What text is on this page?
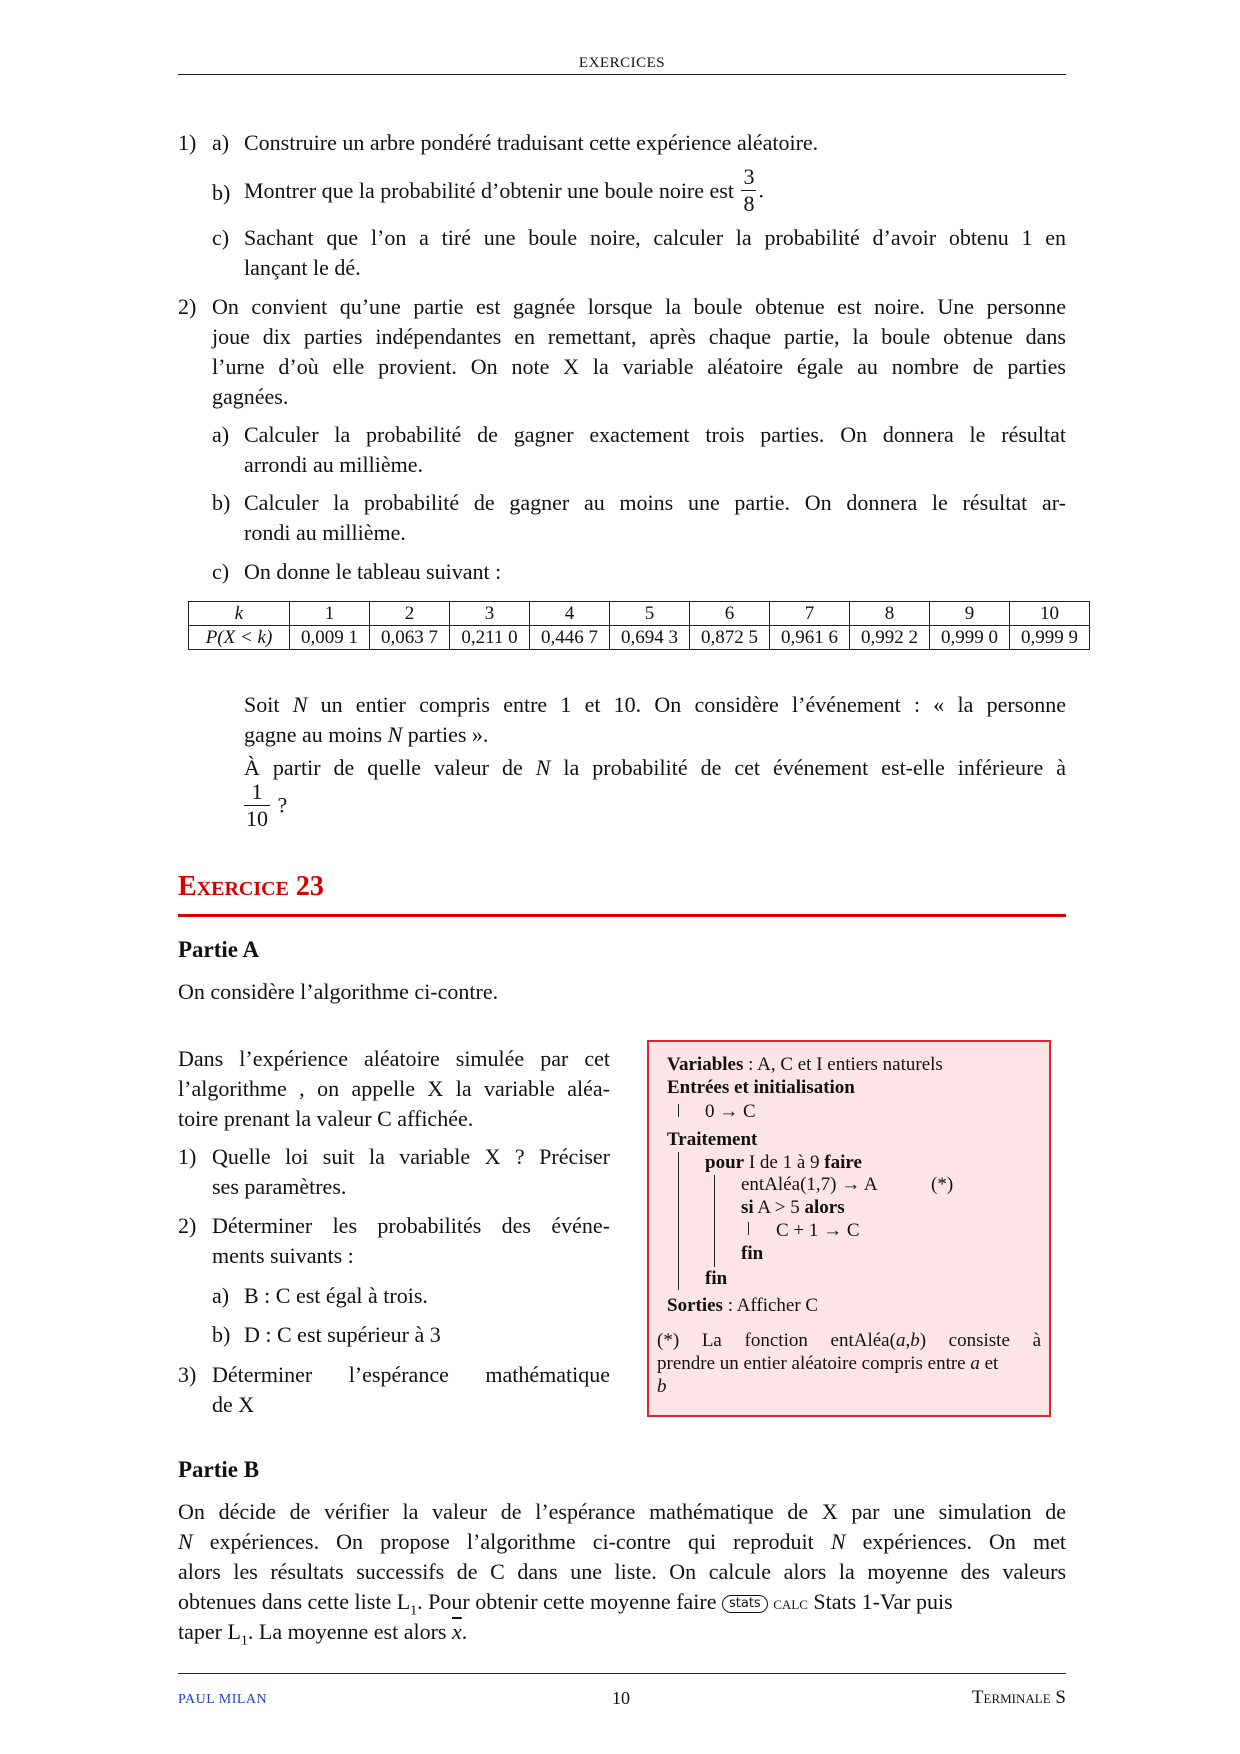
EXERCICES
1) a) Construire un arbre pondéré traduisant cette expérience aléatoire.
b) Montrer que la probabilité d’obtenir une boule noire est $\frac{3}{8}$ .
c) Sachant que l’on a tiré une boule noire, calculer la probabilité d’avoir obtenu 1 en
lançant le dé.
2) On convient qu’une partie est gagnée lorsque la boule obtenue est noire. Une personne
joue dix parties indépendantes en remettant, après chaque partie, la boule obtenue dans
l’urne d’où elle provient. On note X la variable aléatoire égale au nombre de parties
gagnées.
a) Calculer la probabilité de gagner exactement trois parties. On donnera le résultat
arrondi au millième.
b) Calculer la probabilité de gagner au moins une partie. On donnera le résultat ar-
rondi au millième.
c) On donne le tableau suivant :
k	1	2	3	4	5	6	7	8	9	10
P(X < k)	0,009 1	0,063 7	0,211 0	0,446 7	0,694 3	0,872 5	0,961 6	0,992 2	0,999 0	0,999 9
Soit N un entier compris entre 1 et 10. On considère l’événement : « la personne
gagne au moins N parties ».
À partir de quelle valeur de N la probabilité de cet événement est-elle inférieure à
$\frac{1}{10}$ ?
Exercice 23
Partie A
On considère l’algorithme ci-contre.
Dans l’expérience aléatoire simulée par cet
l’algorithme , on appelle X la variable aléa-
toire prenant la valeur C affichée.
1) Quelle loi suit la variable X ? Préciser
ses paramètres.
2) Déterminer les probabilités des événe-
ments suivants :
a) B : C est égal à trois.
b) D : C est supérieur à 3
3) Déterminer l’espérance mathématique
de X
Variables : A, C et I entiers naturels
Entrées et initialisation
0 → C
Traitement
pour I de 1 à 9 faire
entAléa(1,7) → A	(*)
si A > 5 alors
C + 1 → C
fin
fin
Sorties : Afficher C
(*) La fonction entAléa(a,b) consiste à
prendre un entier aléatoire compris entre a et
b
Partie B
On décide de vérifier la valeur de l’espérance mathématique de X par une simulation de
N expériences. On propose l’algorithme ci-contre qui reproduit N expériences. On met
alors les résultats successifs de C dans une liste. On calcule alors la moyenne des valeurs
obtenues dans cette liste $L_1$. Pour obtenir cette moyenne faire stats calc Stats 1-Var puis
taper $L_1$. La moyenne est alors $\overline{x}$.
PAUL MILAN	10	Terminale S
